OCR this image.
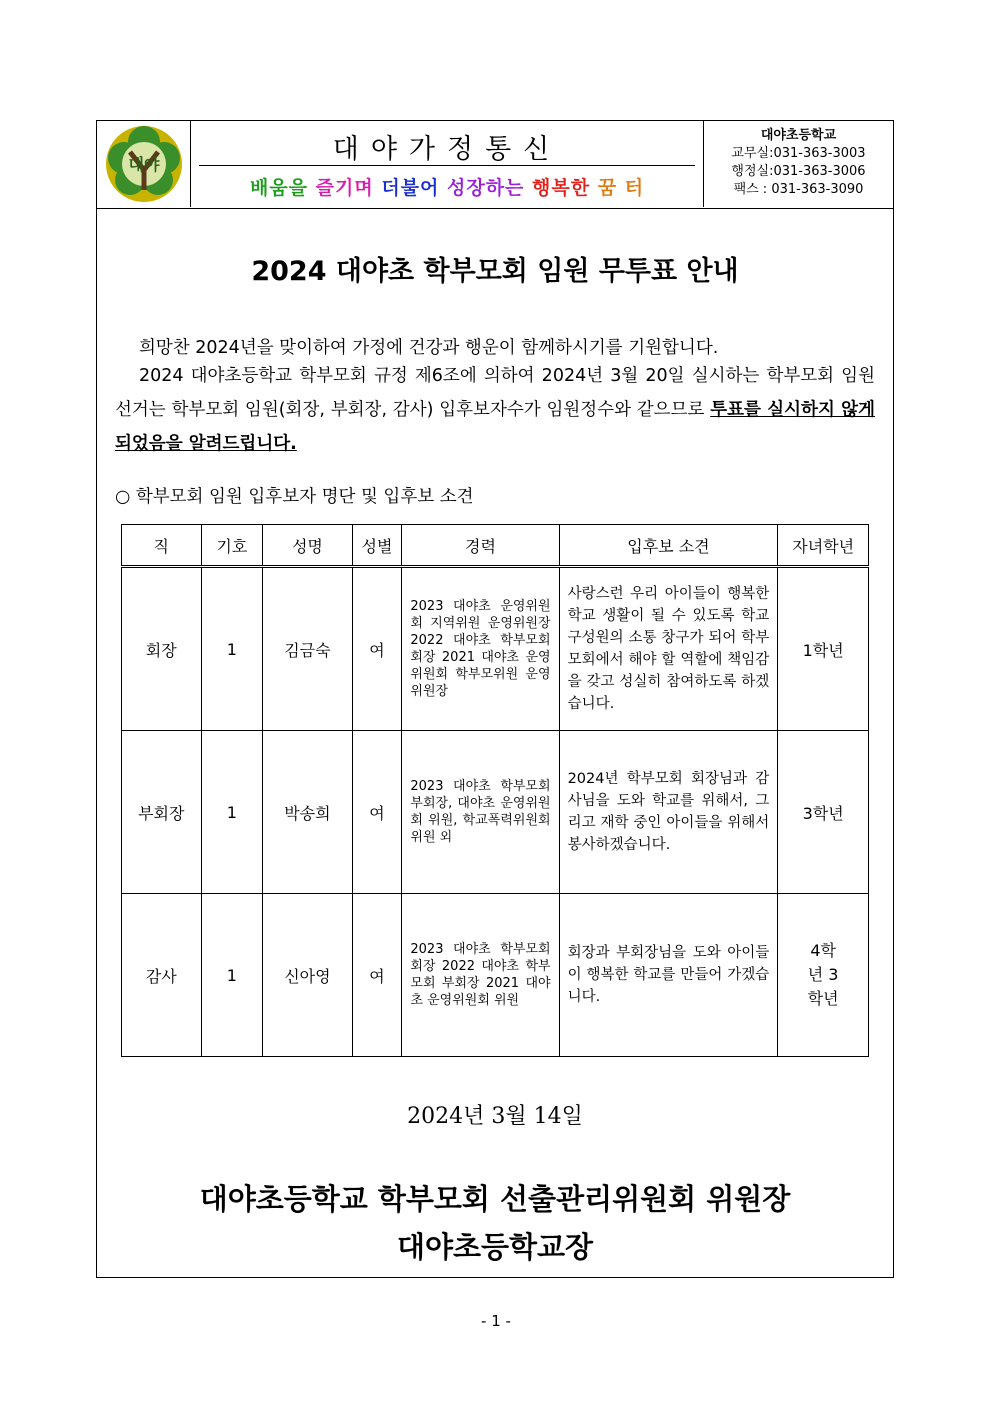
대야	대야가정통신
배움을 즐기며 더불어 성장하는 행복한 꿈 터
대야초등학교
교무실:031-363-3003
행정실:031-363-3006
팩스 : 031-363-3090
2024 대야초 학부모회 임원 무투표 안내
희망찬 2024년을 맞이하여 가정에 건강과 행운이 함께하시기를 기원합니다.
2024 대야초등학교 학부모회 규정 제6조에 의하여 2024년 3월 20일 실시하는 학부모회 임원 선거는 학부모회 임원(회장, 부회장, 감사) 입후보자수가 임원정수와 같으므로 투표를 실시하지 않게 되었음을 알려드립니다.
○ 학부모회 임원 입후보자 명단 및 입후보 소견
직	기호	성명	성별	경력	입후보 소견	자녀학년
회장	1	김금숙	여	2023 대야초 운영위원회 지역위원 운영위원장 2022 대야초 학부모회 회장 2021 대야초 운영위원회 학부모위원 운영위원장	사랑스런 우리 아이들이 행복한 학교 생활이 될 수 있도록 학교 구성원의 소통 창구가 되어 학부모회에서 해야 할 역할에 책임감을 갖고 성실히 참여하도록 하겠습니다.	1학년
부회장	1	박송희	여	2023 대야초 학부모회 부회장, 대야초 운영위원회 위원, 학교폭력위원회 위원 외	2024년 학부모회 회장님과 감사님을 도와 학교를 위해서, 그리고 재학 중인 아이들을 위해서 봉사하겠습니다.	3학년
감사	1	신아영	여	2023 대야초 학부모회 회장 2022 대야초 학부모회 부회장 2021 대야초 운영위원회 위원	회장과 부회장님을 도와 아이들이 행복한 학교를 만들어 가겠습니다.	4학년 3학년
2024년 3월 14일
대야초등학교 학부모회 선출관리위원회 위원장
대야초등학교장
- 1 -
